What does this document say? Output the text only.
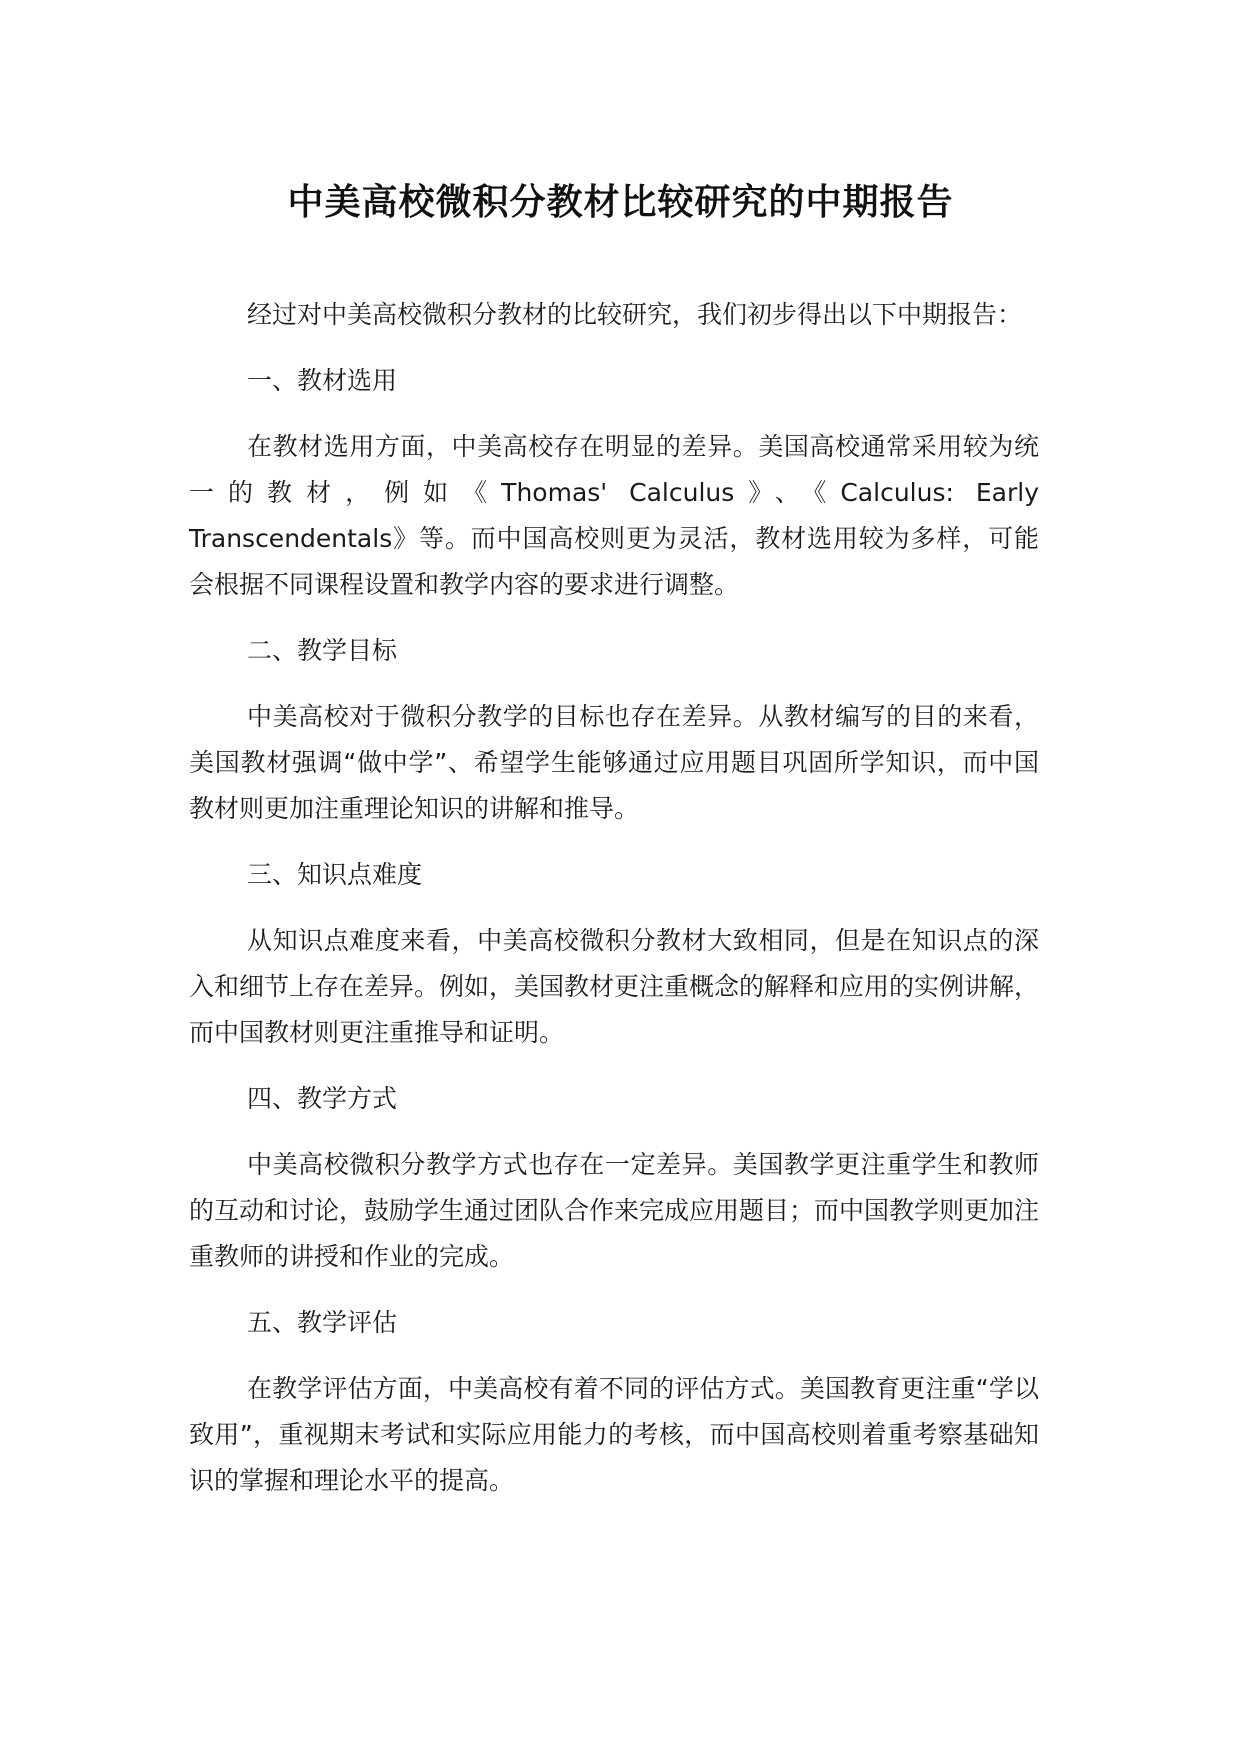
中美高校微积分教材比较研究的中期报告

经过对中美高校微积分教材的比较研究，我们初步得出以下中期报告：

一、教材选用

在教材选用方面，中美高校存在明显的差异。美国高校通常采用较为统一的教材，例如《Thomas' Calculus》、《Calculus: Early Transcendentals》等。而中国高校则更为灵活，教材选用较为多样，可能会根据不同课程设置和教学内容的要求进行调整。

二、教学目标

中美高校对于微积分教学的目标也存在差异。从教材编写的目的来看，美国教材强调“做中学”、希望学生能够通过应用题目巩固所学知识，而中国教材则更加注重理论知识的讲解和推导。

三、知识点难度

从知识点难度来看，中美高校微积分教材大致相同，但是在知识点的深入和细节上存在差异。例如，美国教材更注重概念的解释和应用的实例讲解，而中国教材则更注重推导和证明。

四、教学方式

中美高校微积分教学方式也存在一定差异。美国教学更注重学生和教师的互动和讨论，鼓励学生通过团队合作来完成应用题目；而中国教学则更加注重教师的讲授和作业的完成。

五、教学评估

在教学评估方面，中美高校有着不同的评估方式。美国教育更注重“学以致用”，重视期末考试和实际应用能力的考核，而中国高校则着重考察基础知识的掌握和理论水平的提高。
